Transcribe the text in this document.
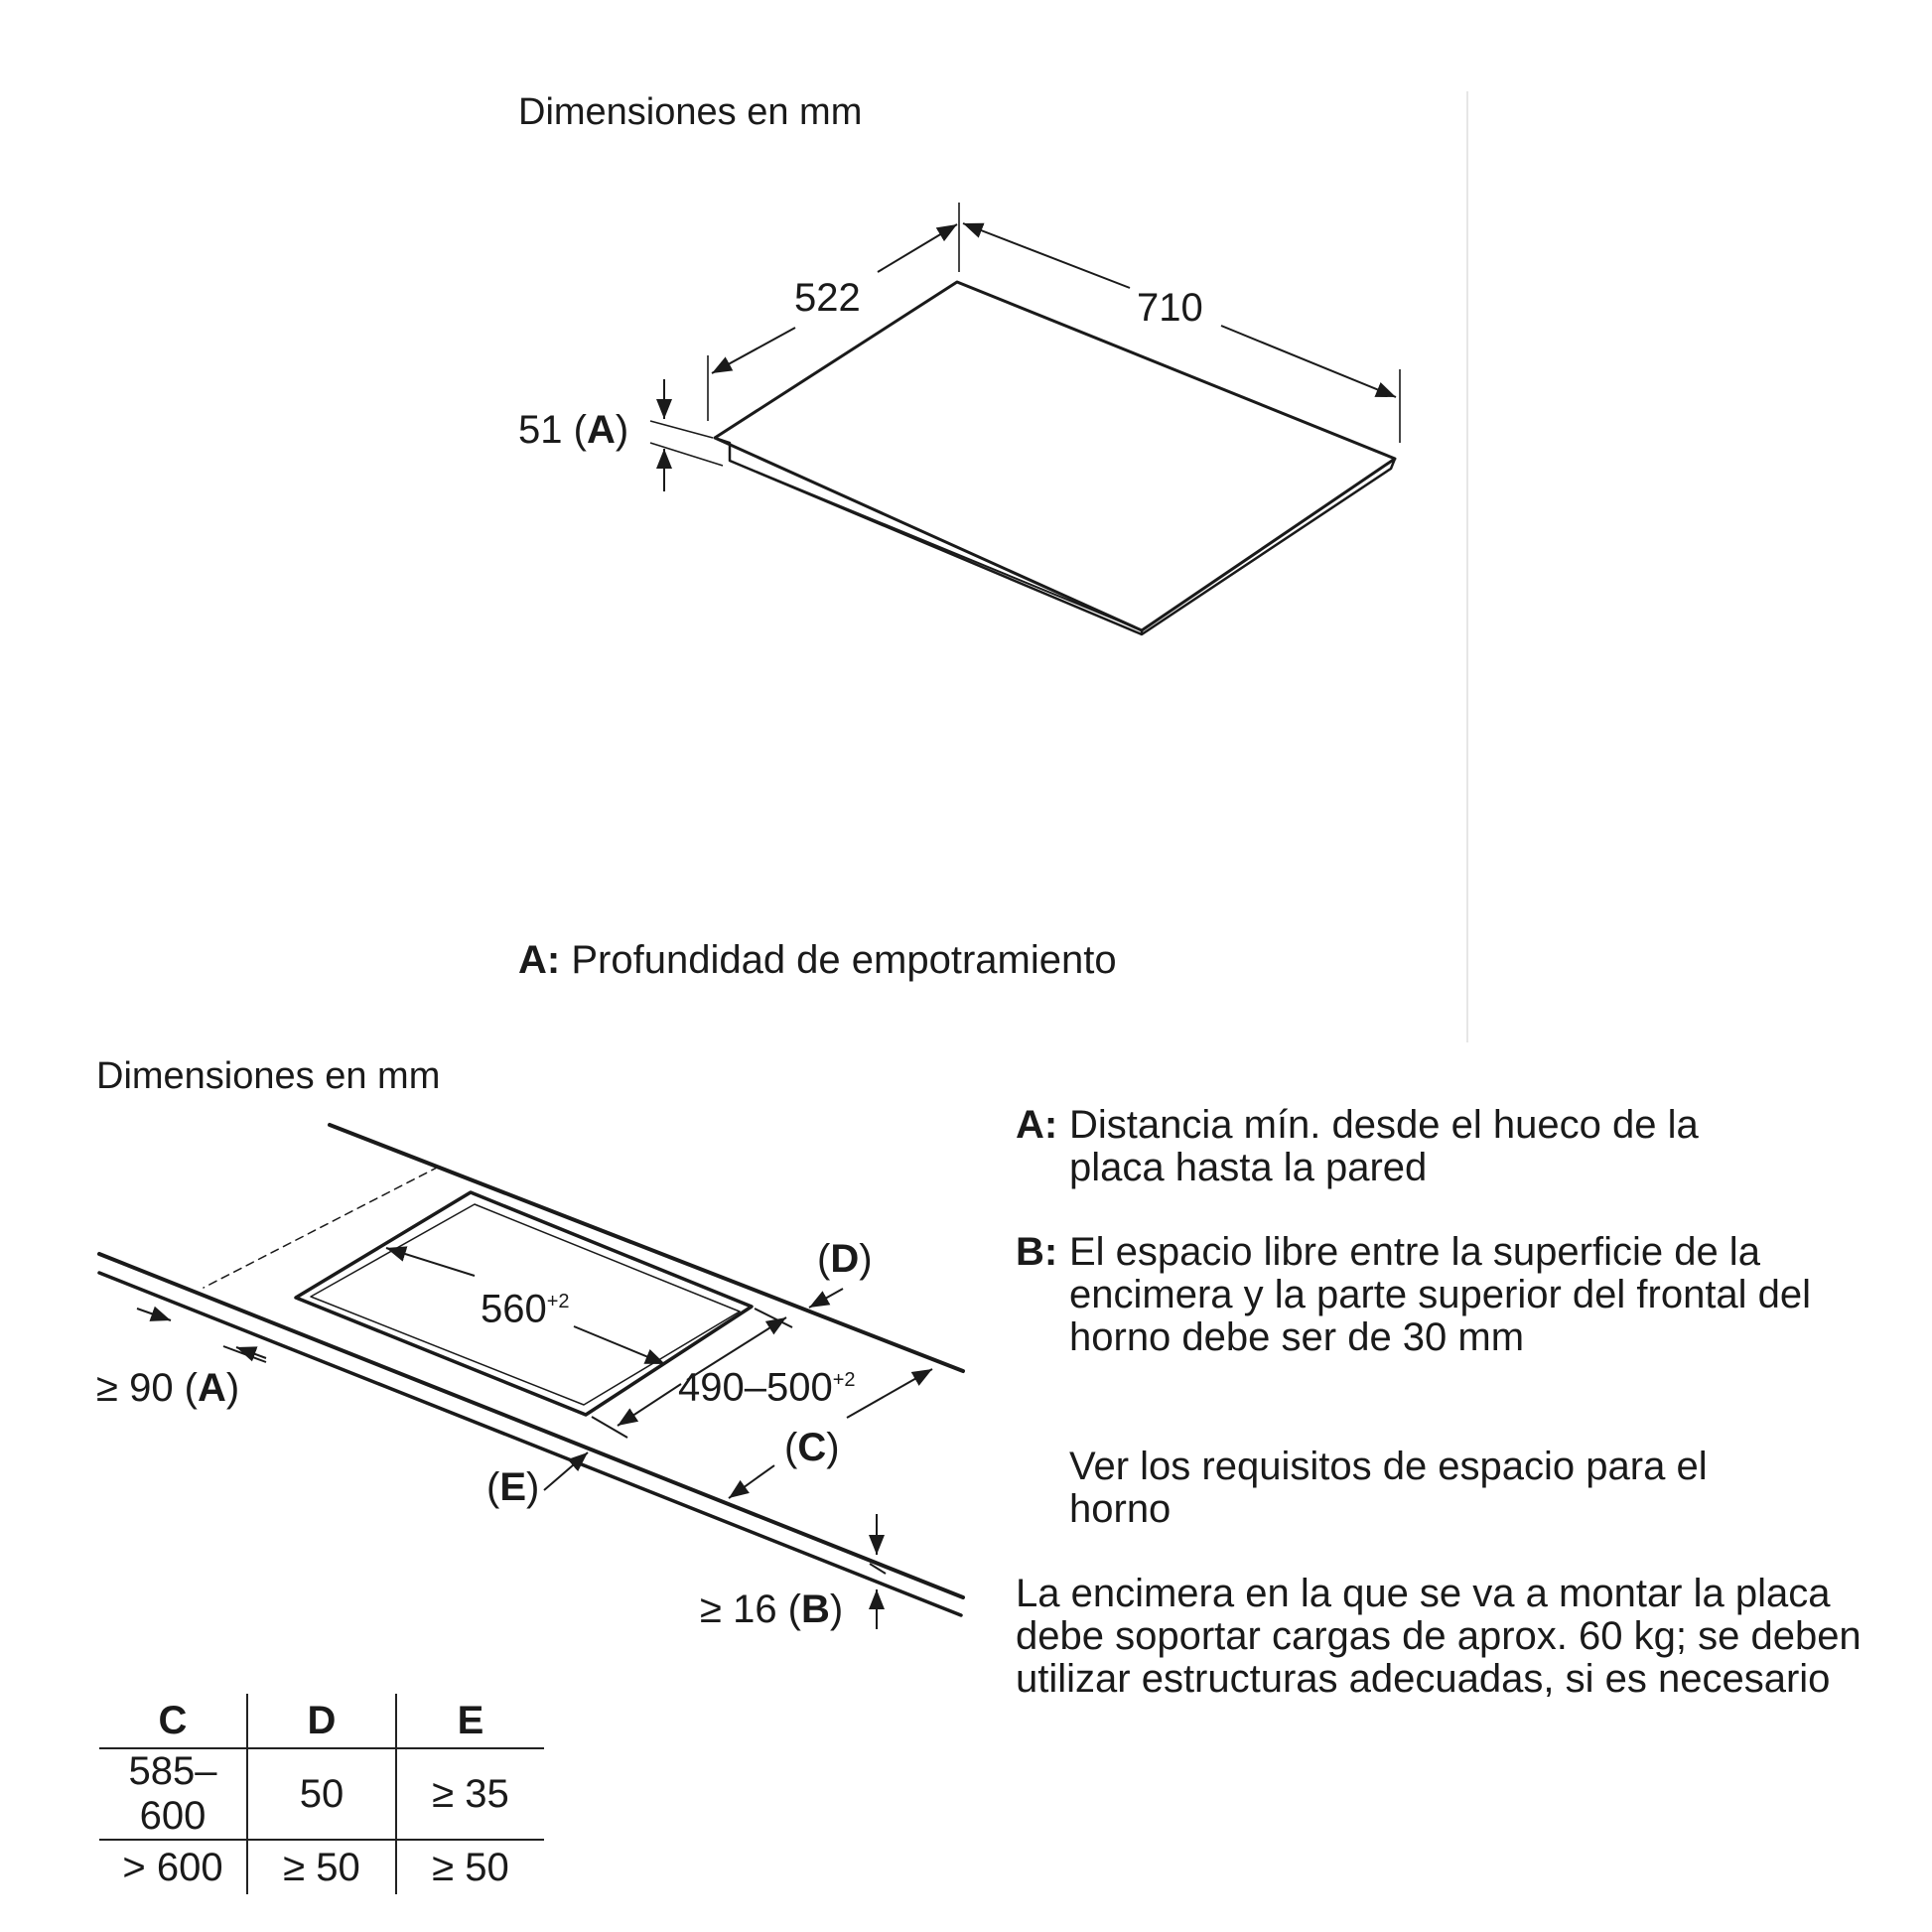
Dimensiones en mm
522	710
51 (A)
A: Profundidad de empotramiento
Dimensiones en mm
$560^{+2}$
$490-500^{+2}$
(D)
(C)
(E)
≥ 90 (A)
≥ 16 (B)
A: Distancia mín. desde el hueco de la placa hasta la pared
B: El espacio libre entre la superficie de la encimera y la parte superior del frontal del horno debe ser de 30 mm
Ver los requisitos de espacio para el horno
La encimera en la que se va a montar la placa debe soportar cargas de aprox. 60 kg; se deben utilizar estructuras adecuadas, si es necesario
C	D	E
585–600	50	≥ 35
> 600	≥ 50	≥ 50
